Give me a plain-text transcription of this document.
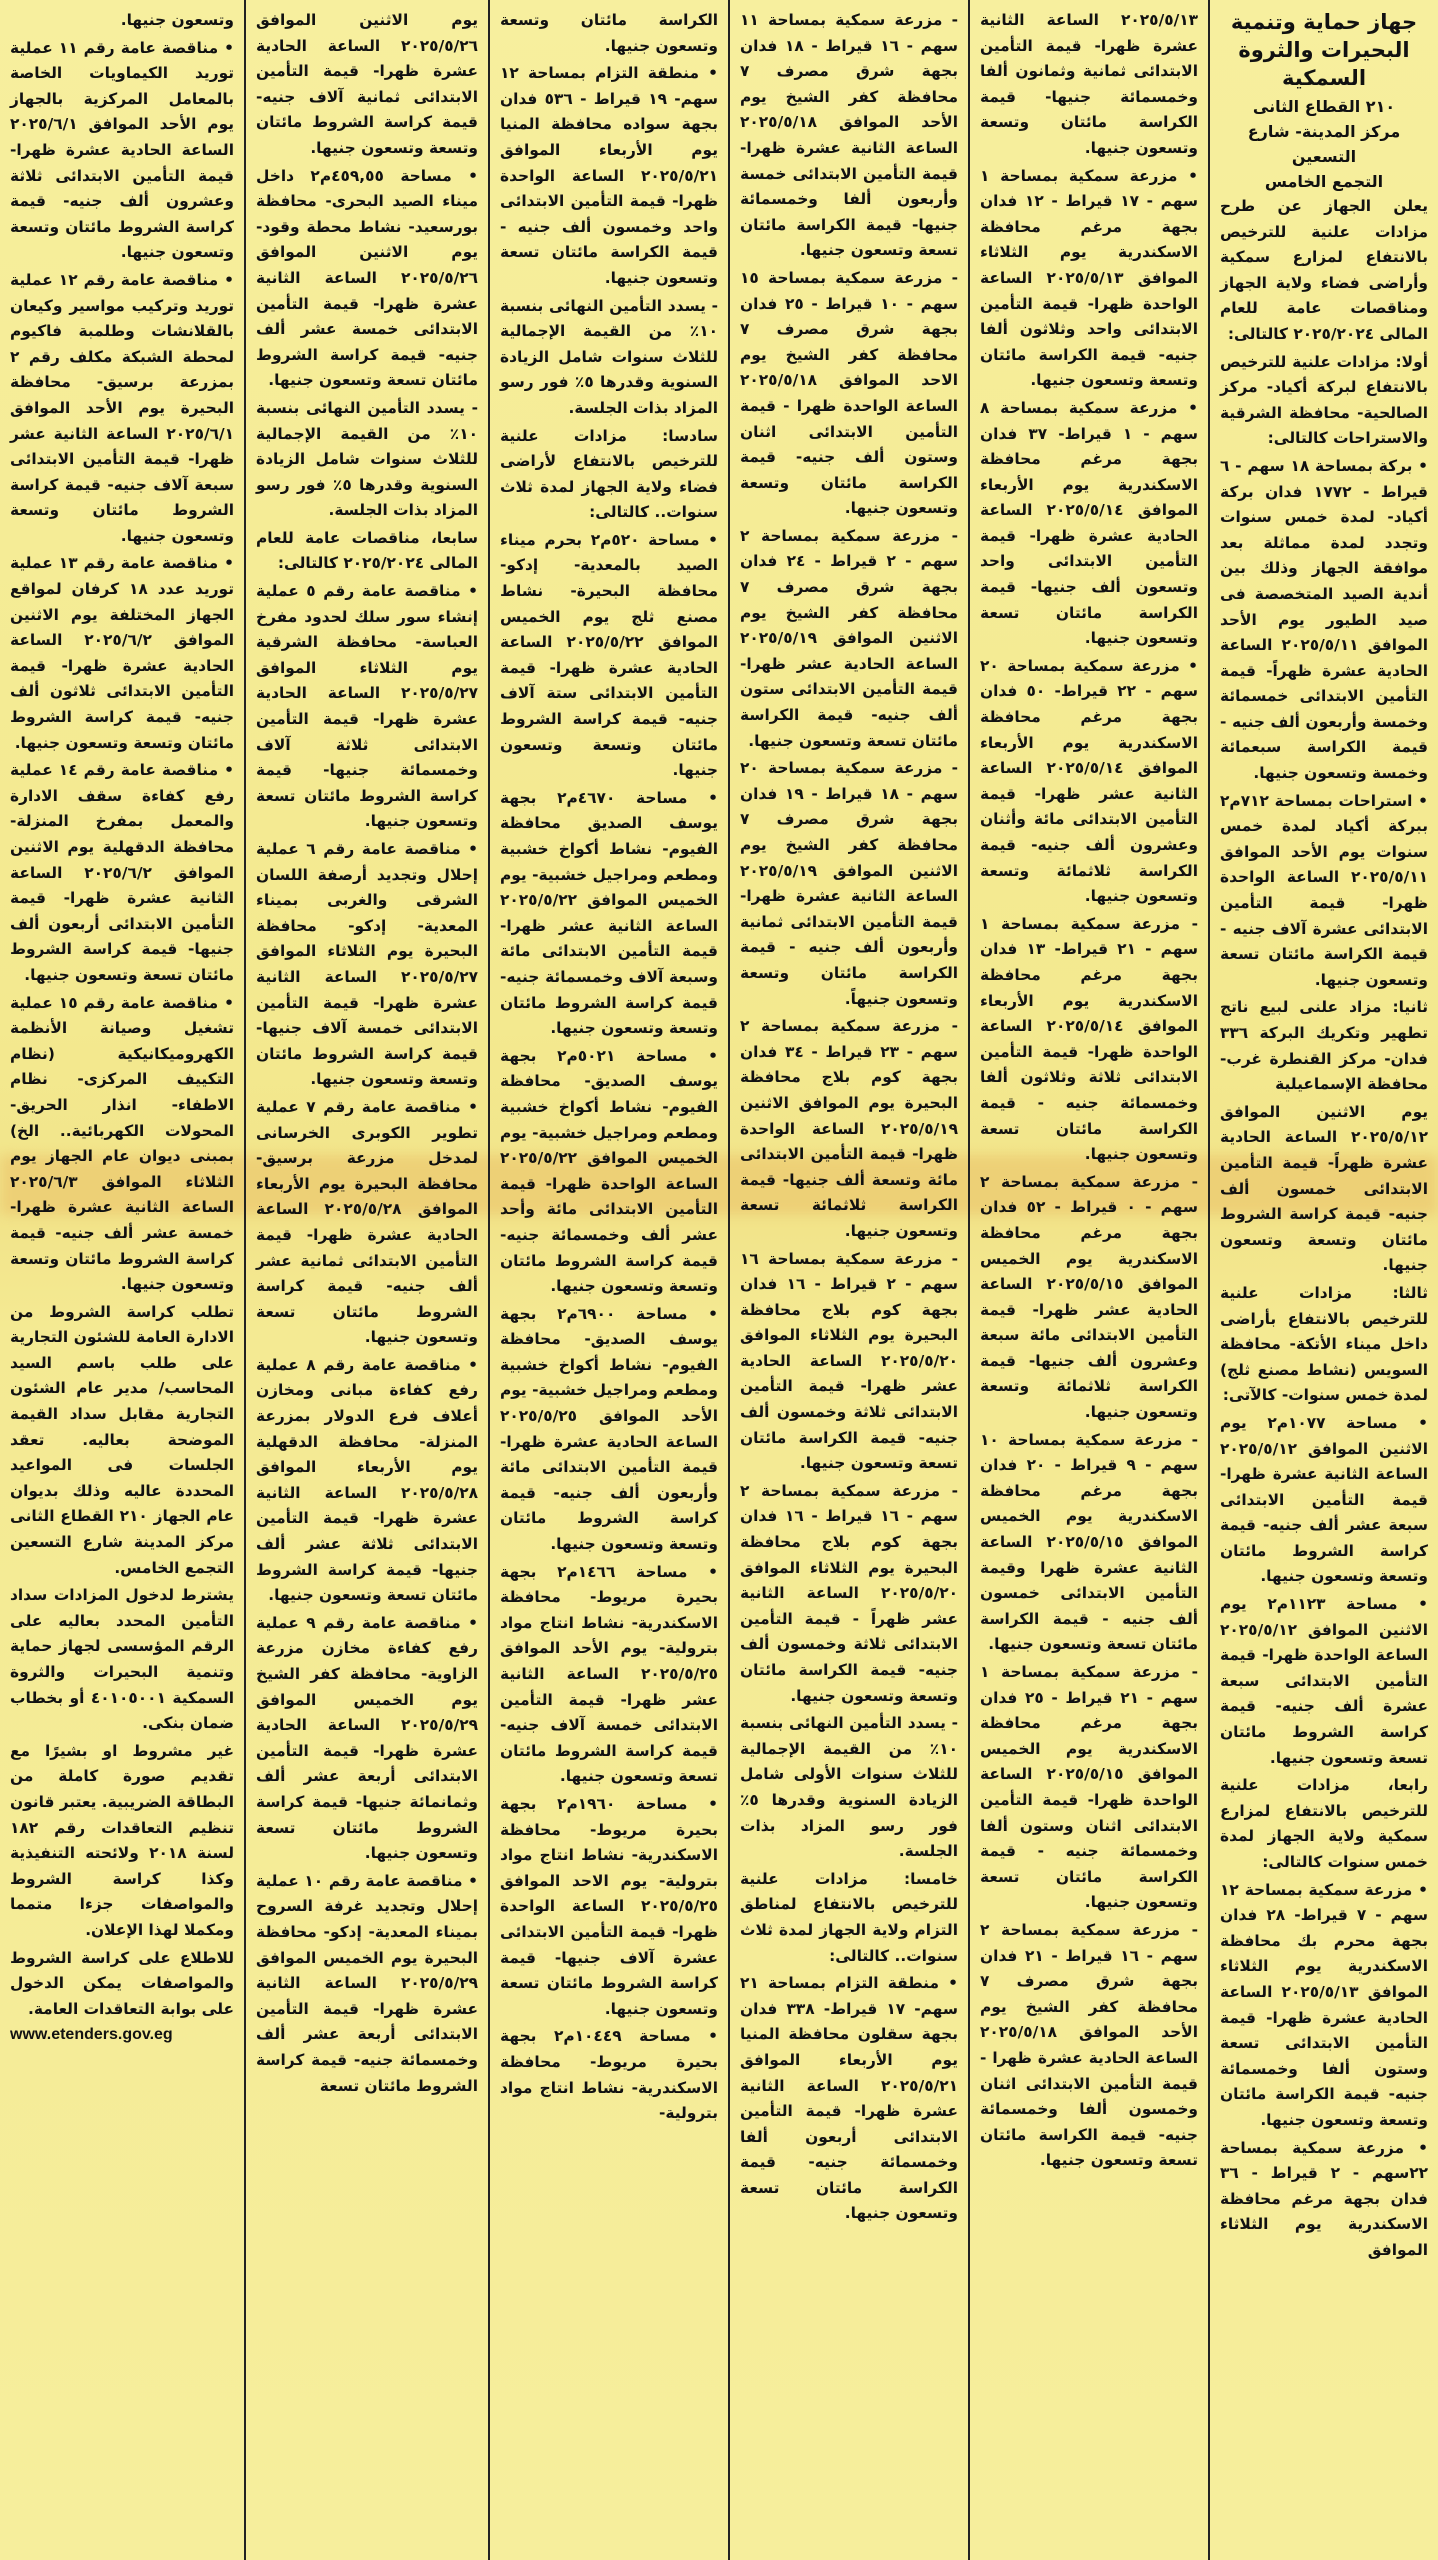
جهاز حماية وتنمية البحيرات والثروة السمكية
٢١٠ القطاع الثانى
مركز المدينة- شارع التسعين
التجمع الخامس

يعلن الجهاز عن طرح مزادات علنية للترخيص بالانتفاع لمزارع سمكية وأراضى فضاء ولاية الجهاز ومناقصات عامة للعام المالى ٢٠٢٥/٢٠٢٤ كالتالى:

أولا: مزادات علنية للترخيص بالانتفاع لبركة أكياد- مركز الصالحية- محافظة الشرقية والاستراحات كالتالى:

• بركة بمساحة ١٨ سهم - ٦ قيراط - ١٧٧٢ فدان بركة أكياد- لمدة خمس سنوات وتجدد لمدة مماثلة بعد موافقة الجهاز وذلك بين أندية الصيد المتخصصة فى صيد الطيور يوم الأحد الموافق ٢٠٢٥/٥/١١ الساعة الحادية عشرة ظهراً- قيمة التأمين الابتدائى خمسمائة وخمسة وأربعون ألف جنيه - قيمة الكراسة سبعمائة وخمسة وتسعون جنيها.

• استراحات بمساحة ٧١٢م٢ ببركة أكياد لمدة خمس سنوات يوم الأحد الموافق ٢٠٢٥/٥/١١ الساعة الواحدة ظهرا- قيمة التأمين الابتدائى عشرة آلاف جنيه - قيمة الكراسة مائتان تسعة وتسعون جنيها.

ثانيا: مزاد علنى لبيع ناتج تطهير وتكريك البركة ٣٣٦ فدان- مركز القنطرة غرب- محافظة الإسماعيلية

يوم الاثنين الموافق ٢٠٢٥/٥/١٢ الساعة الحادية عشرة ظهراً- قيمة التأمين الابتدائى خمسون ألف جنيه- قيمة كراسة الشروط مائتان وتسعة وتسعون جنيها.

ثالثا: مزادات علنية للترخيص بالانتفاع بأراضى داخل ميناء الأتكة- محافظة السويس (نشاط مصنع ثلج) لمدة خمس سنوات- كالآتى:

• مساحة ١٠٧٧م٢ يوم الاثنين الموافق ٢٠٢٥/٥/١٢ الساعة الثانية عشرة ظهرا- قيمة التأمين الابتدائى سبعة عشر ألف جنيه- قيمة كراسة الشروط مائتان وتسعة وتسعون جنيها.

• مساحة ١١٢٣م٢ يوم الاثنين الموافق ٢٠٢٥/٥/١٢ الساعة الواحدة ظهرا- قيمة التأمين الابتدائى سبعة عشرة ألف جنيه- قيمة كراسة الشروط مائتان تسعة وتسعون جنيها.

رابعا، مزادات علنية للترخيص بالانتفاع لمزارع سمكية ولاية الجهاز لمدة خمس سنوات كالتالى:

• مزرعة سمكية بمساحة ١٢ سهم - ٧ قيراط- ٢٨ فدان بجهة محرم بك محافظة الاسكندرية يوم الثلاثاء الموافق ٢٠٢٥/٥/١٣ الساعة الحادية عشرة ظهرا- قيمة التأمين الابتدائى تسعة وستون ألفا وخمسمائة جنيه- قيمة الكراسة مائتان وتسعة وتسعون جنيها.

• مزرعة سمكية بمساحة ٢٢سهم - ٢ قيراط - ٣٦ فدان بجهة مرغم محافظة الاسكندرية يوم الثلاثاء الموافق

٢٠٢٥/٥/١٣ الساعة الثانية عشرة ظهرا- قيمة التأمين الابتدائى ثمانية وثمانون ألفا وخمسمائة جنيها- قيمة الكراسة مائتان وتسعة وتسعون جنيها.

• مزرعة سمكية بمساحة ١ سهم - ١٧ قيراط - ١٢ فدان بجهة مرغم محافظة الاسكندرية يوم الثلاثاء الموافق ٢٠٢٥/٥/١٣ الساعة الواحدة ظهرا- قيمة التأمين الابتدائى واحد وثلاثون ألفا جنيه- قيمة الكراسة مائتان وتسعة وتسعون جنيها.

• مزرعة سمكية بمساحة ٨ سهم - ١ قيراط- ٣٧ فدان بجهة مرغم محافظة الاسكندرية يوم الأربعاء الموافق ٢٠٢٥/٥/١٤ الساعة الحادية عشرة ظهرا- قيمة التأمين الابتدائى واحد وتسعون ألف جنيها- قيمة الكراسة مائتان تسعة وتسعون جنيها.

• مزرعة سمكية بمساحة ٢٠ سهم - ٢٢ قيراط- ٥٠ فدان بجهة مرغم محافظة الاسكندرية يوم الأربعاء الموافق ٢٠٢٥/٥/١٤ الساعة الثانية عشر ظهرا- قيمة التأمين الابتدائى مائة وأثنان وعشرون ألف جنيه- قيمة الكراسة ثلاثمائة وتسعة وتسعون جنيها.

- مزرعة سمكية بمساحة ١ سهم - ٢١ قيراط- ١٣ فدان بجهة مرغم محافظة الاسكندرية يوم الأربعاء الموافق ٢٠٢٥/٥/١٤ الساعة الواحدة ظهرا- قيمة التأمين الابتدائى ثلاثة وثلاثون ألفا وخمسمائة جنيه - قيمة الكراسة مائتان تسعة وتسعون جنيها.

- مزرعة سمكية بمساحة ٢ سهم - ٠ قيراط - ٥٢ فدان بجهة مرغم محافظة الاسكندرية يوم الخميس الموافق ٢٠٢٥/٥/١٥ الساعة الحادية عشر ظهرا- قيمة التأمين الابتدائى مائة سبعة وعشرون ألف جنيها- قيمة الكراسة ثلاثمائة وتسعة وتسعون جنيها.

- مزرعة سمكية بمساحة ١٠ سهم - ٩ قيراط - ٢٠ فدان بجهة مرغم محافظة الاسكندرية يوم الخميس الموافق ٢٠٢٥/٥/١٥ الساعة الثانية عشرة ظهرا وقيمة التأمين الابتدائى خمسون ألف جنيه - قيمة الكراسة مائتان تسعة وتسعون جنيها.

- مزرعة سمكية بمساحة ١ سهم - ٢١ قيراط - ٢٥ فدان بجهة مرغم محافظة الاسكندرية يوم الخميس الموافق ٢٠٢٥/٥/١٥ الساعة الواحدة ظهرا- قيمة التأمين الابتدائى اثنان وستون ألفا وخمسمائة جنيه - قيمة الكراسة مائتان تسعة وتسعون جنيها.

- مزرعة سمكية بمساحة ٢ سهم - ١٦ قيراط - ٢١ فدان بجهة شرق مصرف ٧ محافظة كفر الشيخ يوم الأحد الموافق ٢٠٢٥/٥/١٨ الساعة الحادية عشرة ظهرا - قيمة التأمين الابتدائى اثنان وخمسون ألفا وخمسمائة جنيه- قيمة الكراسة مائتان تسعة وتسعون جنيها.

- مزرعة سمكية بمساحة ١١ سهم - ١٦ قيراط - ١٨ فدان بجهة شرق مصرف ٧ محافظة كفر الشيخ يوم الأحد الموافق ٢٠٢٥/٥/١٨ الساعة الثانية عشرة ظهرا- قيمة التأمين الابتدائى خمسة وأربعون ألفا وخمسمائة جنيها- قيمة الكراسة مائتان تسعة وتسعون جنيها.

- مزرعة سمكية بمساحة ١٥ سهم - ١٠ قيراط - ٢٥ فدان بجهة شرق مصرف ٧ محافظة كفر الشيخ يوم الاحد الموافق ٢٠٢٥/٥/١٨ الساعة الواحدة ظهرا - قيمة التأمين الابتدائى اثنان وستون ألف جنيه- قيمة الكراسة مائتان وتسعة وتسعون جنيها.

- مزرعة سمكية بمساحة ٢ سهم - ٢ قيراط - ٢٤ فدان بجهة شرق مصرف ٧ محافظة كفر الشيخ يوم الاثنين الموافق ٢٠٢٥/٥/١٩ الساعة الحادية عشر ظهرا- قيمة التأمين الابتدائى ستون ألف جنيه- قيمة الكراسة مائتان تسعة وتسعون جنيها.

- مزرعة سمكية بمساحة ٢٠ سهم - ١٨ قيراط - ١٩ فدان بجهة شرق مصرف ٧ محافظة كفر الشيخ يوم الاثنين الموافق ٢٠٢٥/٥/١٩ الساعة الثانية عشرة ظهرا- قيمة التأمين الابتدائى ثمانية وأربعون ألف جنيه - قيمة الكراسة مائتان وتسعة وتسعون جنيهاً.

- مزرعة سمكية بمساحة ٢ سهم - ٢٣ قيراط - ٣٤ فدان بجهة كوم بلاج محافظة البحيرة يوم الموافق الاثنين ٢٠٢٥/٥/١٩ الساعة الواحدة ظهرا- قيمة التأمين الابتدائى مائة وتسعة ألف جنيها- قيمة الكراسة ثلاثمائة تسعة وتسعون جنيها.

- مزرعة سمكية بمساحة ١٦ سهم - ٢ قيراط - ١٦ فدان بجهة كوم بلاج محافظة البحيرة يوم الثلاثاء الموافق ٢٠٢٥/٥/٢٠ الساعة الحادية عشر ظهرا- قيمة التأمين الابتدائى ثلاثة وخمسون ألف جنيه- قيمة الكراسة مائتان تسعة وتسعون جنيها.

- مزرعة سمكية بمساحة ٢ سهم - ١٦ قيراط - ١٦ فدان بجهة كوم بلاج محافظة البحيرة يوم الثلاثاء الموافق ٢٠٢٥/٥/٢٠ الساعة الثانية عشر ظهراً - قيمة التأمين الابتدائى ثلاثة وخمسون ألف جنيه- قيمة الكراسة مائتان وتسعة وتسعون جنيها.

- يسدد التأمين النهائى بنسبة ١٠٪ من القيمة الإجمالية للثلاث سنوات الأولى شامل الزيادة السنوية وقدرها ٥٪ فور رسو المزاد بذات الجلسة.

خامسا: مزادات علنية للترخيص بالانتفاع لمناطق التزام ولاية الجهاز لمدة ثلاث سنوات.. كالتالى:

• منطقة التزام بمساحة ٢١ سهم- ١٧ قيراط- ٣٣٨ فدان بجهة سقلون محافظة المنيا يوم الأربعاء الموافق ٢٠٢٥/٥/٢١ الساعة الثانية عشرة ظهرا- قيمة التأمين الابتدائى أربعون ألفا وخمسمائة جنيه- قيمة الكراسة مائتان تسعة وتسعون جنيها.

الكراسة مائتان وتسعة وتسعون جنيها.

• منطقة التزام بمساحة ١٢ سهم- ١٩ قيراط - ٥٣٦ فدان بجهة سواده محافظة المنيا يوم الأربعاء الموافق ٢٠٢٥/٥/٢١ الساعة الواحدة ظهرا- قيمة التأمين الابتدائى واحد وخمسون ألف جنيه - قيمة الكراسة مائتان تسعة وتسعون جنيها.

- يسدد التأمين النهائى بنسبة ١٠٪ من القيمة الإجمالية للثلاث سنوات شامل الزيادة السنوية وقدرها ٥٪ فور رسو المزاد بذات الجلسة.

سادسا: مزادات علنية للترخيص بالانتفاع لأراضى فضاء ولاية الجهاز لمدة ثلاث سنوات.. كالتالى:

• مساحة ٥٢٠م٢ بحرم ميناء الصيد بالمعدية- إدكو- محافظة البحيرة- نشاط مصنع ثلج يوم الخميس الموافق ٢٠٢٥/٥/٢٢ الساعة الحادية عشرة ظهرا- قيمة التأمين الابتدائى ستة آلاف جنيه- قيمة كراسة الشروط مائتان وتسعة وتسعون جنيها.

• مساحة ٤٦٧٠م٢ بجهة يوسف الصديق محافظة الفيوم- نشاط أكواخ خشبية ومطعم ومراجيل خشبية- يوم الخميس الموافق ٢٠٢٥/٥/٢٢ الساعة الثانية عشر ظهرا- قيمة التأمين الابتدائى مائة وسبعة آلاف وخمسمائة جنيه- قيمة كراسة الشروط مائتان وتسعة وتسعون جنيها.

• مساحة ٥٠٢١م٢ بجهة يوسف الصديق- محافظة الفيوم- نشاط أكواخ خشبية ومطعم ومراجيل خشبية- يوم الخميس الموافق ٢٠٢٥/٥/٢٢ الساعة الواحدة ظهرا- قيمة التأمين الابتدائى مائة وأحد عشر ألف وخمسمائة جنيه- قيمة كراسة الشروط مائتان وتسعة وتسعون جنيها.

• مساحة ٦٩٠٠م٢ بجهة يوسف الصديق- محافظة الفيوم- نشاط أكواخ خشبية ومطعم ومراجيل خشبية- يوم الأحد الموافق ٢٠٢٥/٥/٢٥ الساعة الحادية عشرة ظهرا- قيمة التأمين الابتدائى مائة وأربعون ألف جنيه- قيمة كراسة الشروط مائتان وتسعة وتسعون جنيها.

• مساحة ١٤٦٦م٢ بجهة بحيرة مريوط- محافظة الاسكندرية- نشاط انتاج مواد بترولية- يوم الأحد الموافق ٢٠٢٥/٥/٢٥ الساعة الثانية عشر ظهرا- قيمة التأمين الابتدائى خمسة آلاف جنيه- قيمة كراسة الشروط مائتان تسعة وتسعون جنيها.

• مساحة ١٩٦٠م٢ بجهة بحيرة مريوط- محافظة الاسكندرية- نشاط انتاج مواد بترولية- يوم الاحد الموافق ٢٠٢٥/٥/٢٥ الساعة الواحدة ظهرا- قيمة التأمين الابتدائى عشرة آلاف جنيها- قيمة كراسة الشروط مائتان تسعة وتسعون جنيها.

• مساحة ١٠٤٤٩م٢ بجهة بحيرة مريوط- محافظة الاسكندرية- نشاط انتاج مواد بترولية-

يوم الاثنين الموافق ٢٠٢٥/٥/٢٦ الساعة الحادية عشرة ظهرا- قيمة التأمين الابتدائى ثمانية آلاف جنيه- قيمة كراسة الشروط مائتان وتسعة وتسعون جنيها.

• مساحة ٤٥٩,٥٥م٢ داخل ميناء الصيد البحرى- محافظة بورسعيد- نشاط محطة وقود- يوم الاثنين الموافق ٢٠٢٥/٥/٢٦ الساعة الثانية عشرة ظهرا- قيمة التأمين الابتدائى خمسة عشر ألف جنيه- قيمة كراسة الشروط مائتان تسعة وتسعون جنيها.

- يسدد التأمين النهائى بنسبة ١٠٪ من القيمة الإجمالية للثلاث سنوات شامل الزيادة السنوية وقدرها ٥٪ فور رسو المزاد بذات الجلسة.

سابعا، مناقصات عامة للعام المالى ٢٠٢٥/٢٠٢٤ كالتالى:

• مناقصة عامة رقم ٥ عملية إنشاء سور سلك لحدود مفرخ العباسة- محافظة الشرقية يوم الثلاثاء الموافق ٢٠٢٥/٥/٢٧ الساعة الحادية عشرة ظهرا- قيمة التأمين الابتدائى ثلاثة آلاف وخمسمائة جنيها- قيمة كراسة الشروط مائتان تسعة وتسعون جنيها.

• مناقصة عامة رقم ٦ عملية إحلال وتجديد أرصفة اللسان الشرقى والغربى بميناء المعدية- إدكو- محافظة البحيرة يوم الثلاثاء الموافق ٢٠٢٥/٥/٢٧ الساعة الثانية عشرة ظهرا- قيمة التأمين الابتدائى خمسة آلاف جنيها- قيمة كراسة الشروط مائتان وتسعة وتسعون جنيها.

• مناقصة عامة رقم ٧ عملية تطوير الكوبرى الخرسانى لمدخل مزرعة برسيق- محافظة البحيرة يوم الأربعاء الموافق ٢٠٢٥/٥/٢٨ الساعة الحادية عشرة ظهرا- قيمة التأمين الابتدائى ثمانية عشر ألف جنيه- قيمة كراسة الشروط مائتان تسعة وتسعون جنيها.

• مناقصة عامة رقم ٨ عملية رفع كفاءة مبانى ومخازن أعلاف فرع الدولار بمزرعة المنزلة- محافظة الدقهلية يوم الأربعاء الموافق ٢٠٢٥/٥/٢٨ الساعة الثانية عشرة ظهرا- قيمة التأمين الابتدائى ثلاثة عشر ألف جنيها- قيمة كراسة الشروط مائتان تسعة وتسعون جنيها.

• مناقصة عامة رقم ٩ عملية رفع كفاءة مخازن مزرعة الزاوية- محافظة كفر الشيخ يوم الخميس الموافق ٢٠٢٥/٥/٢٩ الساعة الحادية عشرة ظهرا- قيمة التأمين الابتدائى أربعة عشر ألف وثمانمائة جنيها- قيمة كراسة الشروط مائتان تسعة وتسعون جنيها.

• مناقصة عامة رقم ١٠ عملية إحلال وتجديد غرفة السروح بميناء المعدية- إدكو- محافظة البحيرة يوم الخميس الموافق ٢٠٢٥/٥/٢٩ الساعة الثانية عشرة ظهرا- قيمة التأمين الابتدائى أربعة عشر ألف وخمسمائة جنيه- قيمة كراسة الشروط مائتان تسعة

وتسعون جنيها.

• مناقصة عامة رقم ١١ عملية توريد الكيماويات الخاصة بالمعامل المركزية بالجهاز يوم الأحد الموافق ٢٠٢٥/٦/١ الساعة الحادية عشرة ظهرا- قيمة التأمين الابتدائى ثلاثة وعشرون ألف جنيه- قيمة كراسة الشروط مائتان وتسعة وتسعون جنيها.

• مناقصة عامة رقم ١٢ عملية توريد وتركيب مواسير وكيعان بالقلانشات وطلمبة فاكيوم لمحطة الشبكة مكلف رقم ٢ بمزرعة برسيق- محافظة البحيرة يوم الأحد الموافق ٢٠٢٥/٦/١ الساعة الثانية عشر ظهرا- قيمة التأمين الابتدائى سبعة آلاف جنيه- قيمة كراسة الشروط مائتان وتسعة وتسعون جنيها.

• مناقصة عامة رقم ١٣ عملية توريد عدد ١٨ كرفان لمواقع الجهاز المختلفة يوم الاثنين الموافق ٢٠٢٥/٦/٢ الساعة الحادية عشرة ظهرا- قيمة التأمين الابتدائى ثلاثون ألف جنيه- قيمة كراسة الشروط مائتان وتسعة وتسعون جنيها.

• مناقصة عامة رقم ١٤ عملية رفع كفاءة سقف الادارة والمعمل بمفرخ المنزلة- محافظة الدقهلية يوم الاثنين الموافق ٢٠٢٥/٦/٢ الساعة الثانية عشرة ظهرا- قيمة التأمين الابتدائى أربعون ألف جنيها- قيمة كراسة الشروط مائتان تسعة وتسعون جنيها.

• مناقصة عامة رقم ١٥ عملية تشغيل وصيانة الأنظمة الكهروميكانيكية (نظام التكييف المركزى- نظام الاطفاء- انذار الحريق- المحولات الكهربائية.. الخ) بمبنى ديوان عام الجهاز يوم الثلاثاء الموافق ٢٠٢٥/٦/٣ الساعة الثانية عشرة ظهرا- خمسة عشر ألف جنيه- قيمة كراسة الشروط مائتان وتسعة وتسعون جنيها.

تطلب كراسة الشروط من الادارة العامة للشئون التجارية على طلب باسم السيد المحاسب/ مدير عام الشئون التجارية مقابل سداد القيمة الموضحة بعاليه. تعقد الجلسات فى المواعيد المحددة عاليه وذلك بديوان عام الجهاز ٢١٠ القطاع الثانى مركز المدينة شارع التسعين التجمع الخامس.

يشترط لدخول المزادات سداد التأمين المحدد بعاليه على الرقم المؤسسى لجهاز حماية وتنمية البحيرات والثروة السمكية ٤٠١٠٥٠٠١ أو بخطاب ضمان بنكى.

غير مشروط او بشيرًا مع تقديم صورة كاملة من البطاقة الضريبية. يعتبر قانون تنظيم التعاقدات رقم ١٨٢ لسنة ٢٠١٨ ولائحته التنفيذية وكذا كراسة الشروط والمواصفات جزءا متمما ومكملا لهذا الإعلان.

للاطلاع على كراسة الشروط والمواصفات يمكن الدخول على بوابة التعاقدات العامة.

www.etenders.gov.eg
